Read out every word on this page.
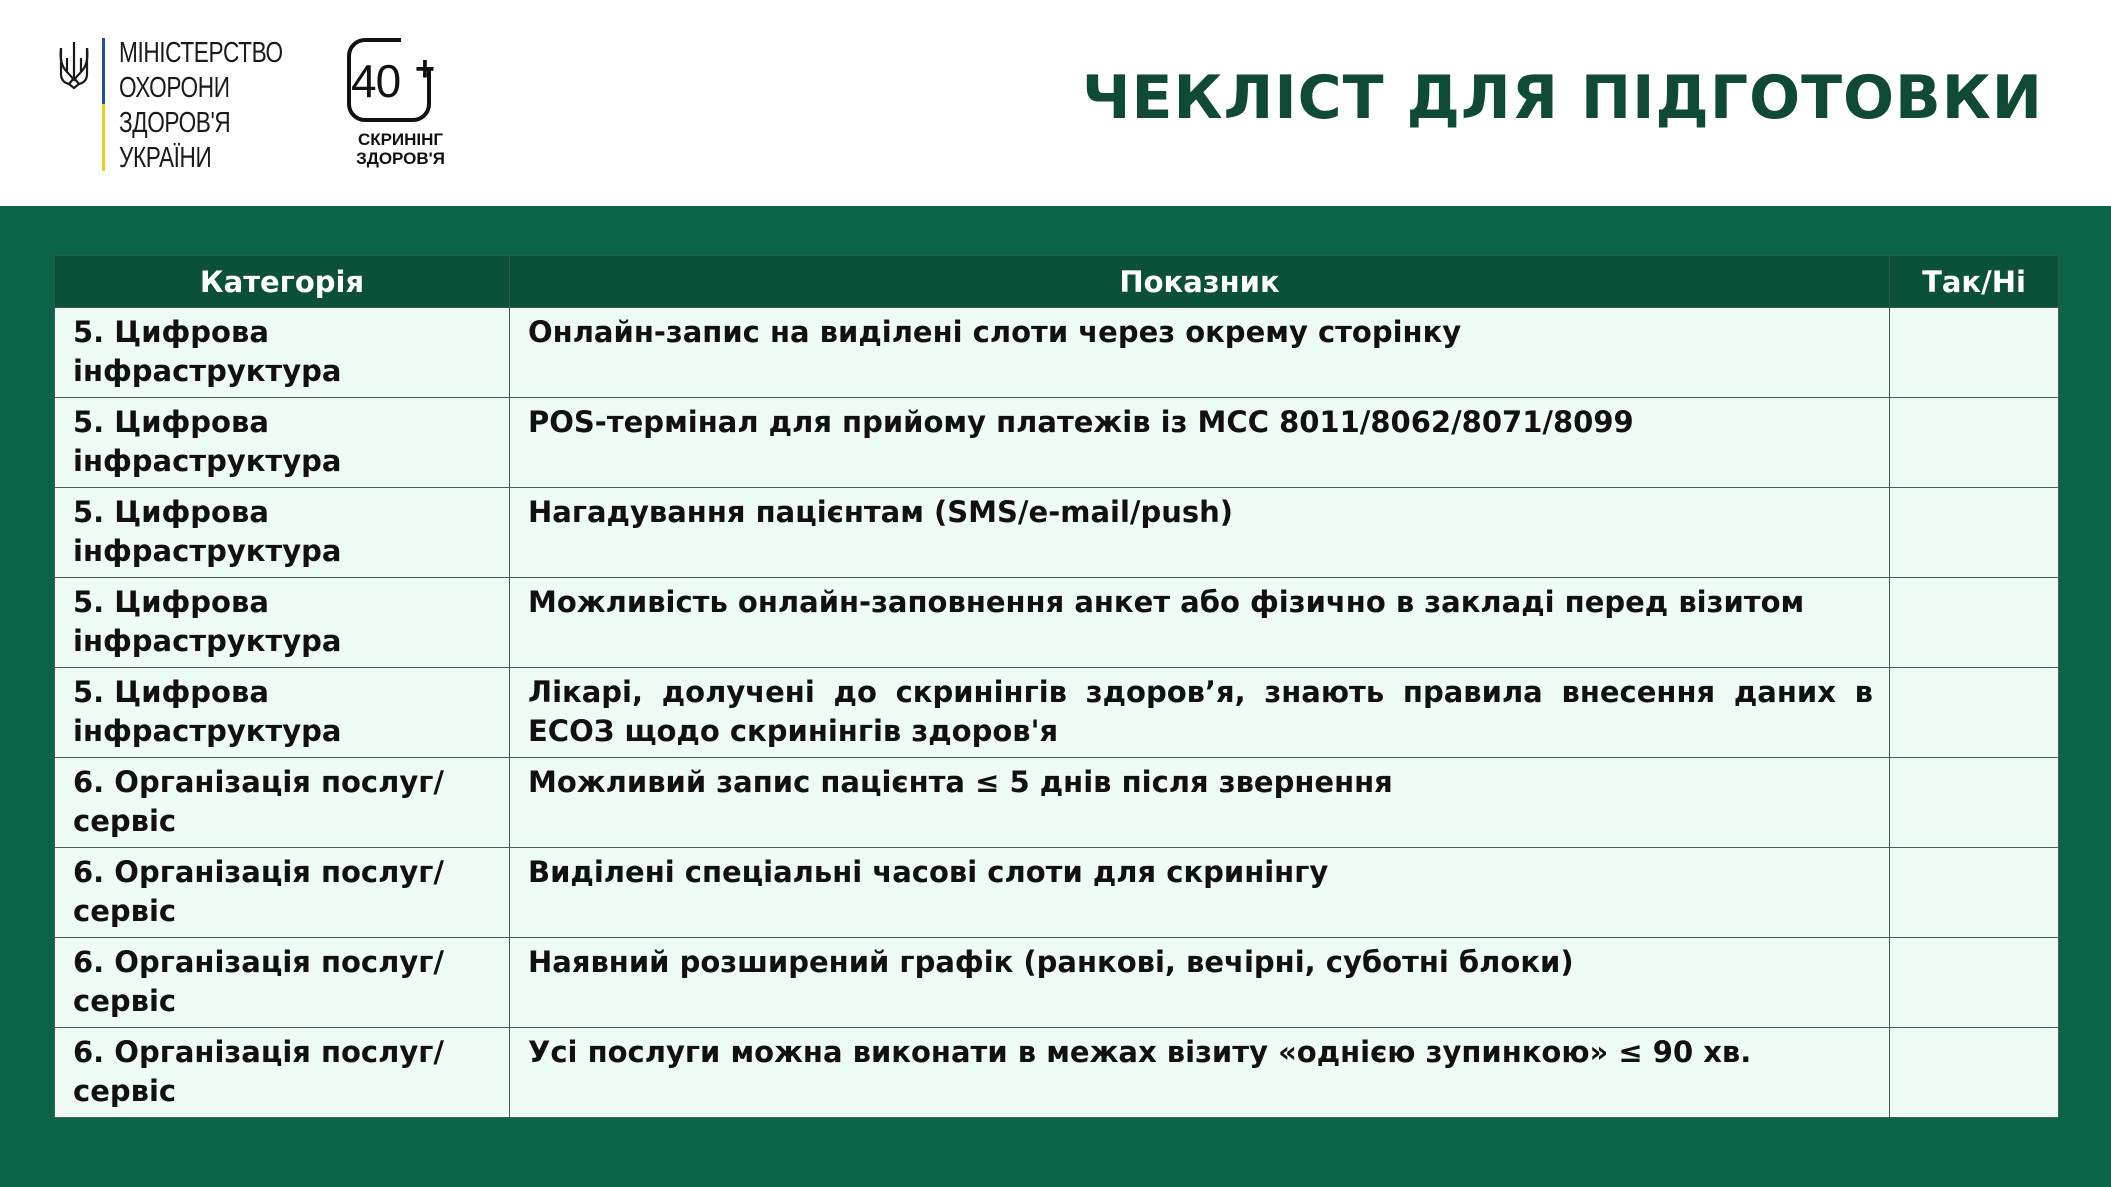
МІНІСТЕРСТВО
ОХОРОНИ
ЗДОРОВ'Я
УКРАЇНИ
40 +
СКРИНІНГ
ЗДОРОВ'Я
ЧЕКЛІСТ ДЛЯ ПІДГОТОВКИ
Категорія	Показник	Так/Ні
5. Цифрова інфраструктура	Онлайн-запис на виділені слоти через окрему сторінку	
5. Цифрова інфраструктура	POS-термінал для прийому платежів із MCC 8011/8062/8071/8099	
5. Цифрова інфраструктура	Нагадування пацієнтам (SMS/e-mail/push)	
5. Цифрова інфраструктура	Можливість онлайн-заповнення анкет або фізично в закладі перед візитом	
5. Цифрова інфраструктура	Лікарі, долучені до скринінгів здоров’я, знають правила внесення даних в ЕСОЗ щодо скринінгів здоров'я	
6. Організація послуг/сервіс	Можливий запис пацієнта ≤ 5 днів після звернення	
6. Організація послуг/сервіс	Виділені спеціальні часові слоти для скринінгу	
6. Організація послуг/сервіс	Наявний розширений графік (ранкові, вечірні, суботні блоки)	
6. Організація послуг/сервіс	Усі послуги можна виконати в межах візиту «однією зупинкою» ≤ 90 хв.	
